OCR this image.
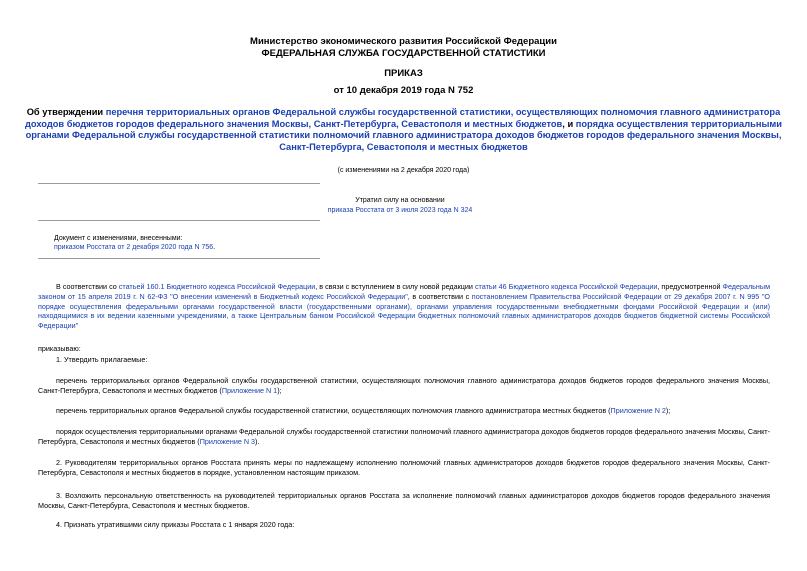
Министерство экономического развития Российской Федерации
ФЕДЕРАЛЬНАЯ СЛУЖБА ГОСУДАРСТВЕННОЙ СТАТИСТИКИ
ПРИКАЗ
от 10 декабря 2019 года N 752
Об утверждении перечня территориальных органов Федеральной службы государственной статистики, осуществляющих полномочия главного администратора доходов бюджетов городов федерального значения Москвы, Санкт-Петербурга, Севастополя и местных бюджетов, и порядка осуществления территориальными органами Федеральной службы государственной статистики полномочий главного администратора доходов бюджетов городов федерального значения Москвы, Санкт-Петербурга, Севастополя и местных бюджетов
(с изменениями на 2 декабря 2020 года)
Утратил силу на основании
приказа Росстата от 3 июля 2023 года N 324
Документ с изменениями, внесенными:
приказом Росстата от 2 декабря 2020 года N 756.
В соответствии со статьей 160.1 Бюджетного кодекса Российской Федерации, в связи с вступлением в силу новой редакции статьи 46 Бюджетного кодекса Российской Федерации, предусмотренной Федеральным законом от 15 апреля 2019 г. N 62-ФЗ "О внесении изменений в Бюджетный кодекс Российской Федерации", в соответствии с постановлением Правительства Российской Федерации от 29 декабря 2007 г. N 995 "О порядке осуществления федеральными органами государственной власти (государственными органами), органами управления государственными внебюджетными фондами Российской Федерации и (или) находящимися в их ведении казенными учреждениями, а также Центральным банком Российской Федерации бюджетных полномочий главных администраторов доходов бюджетов бюджетной системы Российской Федерации"
приказываю:
1. Утвердить прилагаемые:
перечень территориальных органов Федеральной службы государственной статистики, осуществляющих полномочия главного администратора доходов бюджетов городов федерального значения Москвы, Санкт-Петербурга, Севастополя и местных бюджетов (Приложение N 1);
перечень территориальных органов Федеральной службы государственной статистики, осуществляющих полномочия главного администратора местных бюджетов (Приложение N 2);
порядок осуществления территориальными органами Федеральной службы государственной статистики полномочий главного администратора доходов бюджетов городов федерального значения Москвы, Санкт-Петербурга, Севастополя и местных бюджетов (Приложение N 3).
2. Руководителям территориальных органов Росстата принять меры по надлежащему исполнению полномочий главных администраторов доходов бюджетов городов федерального значения Москвы, Санкт-Петербурга, Севастополя и местных бюджетов в порядке, установленном настоящим приказом.
3. Возложить персональную ответственность на руководителей территориальных органов Росстата за исполнение полномочий главных администраторов доходов бюджетов городов федерального значения Москвы, Санкт-Петербурга, Севастополя и местных бюджетов.
4. Признать утратившими силу приказы Росстата с 1 января 2020 года:
